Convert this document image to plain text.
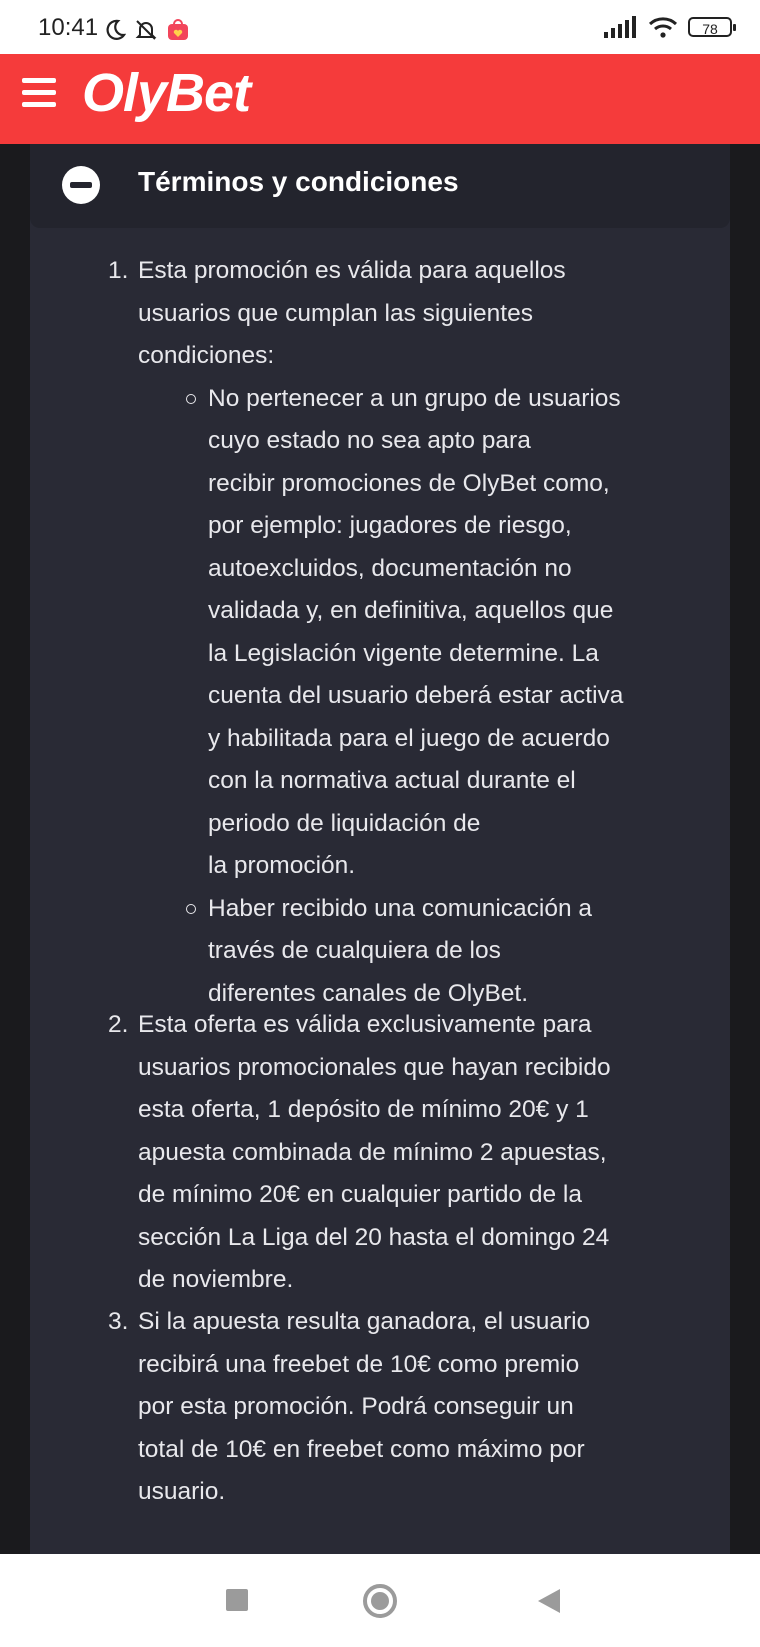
10:41	78
OlyBet
Términos y condiciones
1. Esta promoción es válida para aquellos
usuarios que cumplan las siguientes
condiciones:
No pertenecer a un grupo de usuarios
cuyo estado no sea apto para
recibir promociones de OlyBet como,
por ejemplo: jugadores de riesgo,
autoexcluidos, documentación no
validada y, en definitiva, aquellos que
la Legislación vigente determine. La
cuenta del usuario deberá estar activa
y habilitada para el juego de acuerdo
con la normativa actual durante el
periodo de liquidación de
la promoción.
Haber recibido una comunicación a
través de cualquiera de los
diferentes canales de OlyBet.
2. Esta oferta es válida exclusivamente para
usuarios promocionales que hayan recibido
esta oferta, 1 depósito de mínimo 20€ y 1
apuesta combinada de mínimo 2 apuestas,
de mínimo 20€ en cualquier partido de la
sección La Liga del 20 hasta el domingo 24
de noviembre.
3. Si la apuesta resulta ganadora, el usuario
recibirá una freebet de 10€ como premio
por esta promoción. Podrá conseguir un
total de 10€ en freebet como máximo por
usuario.
